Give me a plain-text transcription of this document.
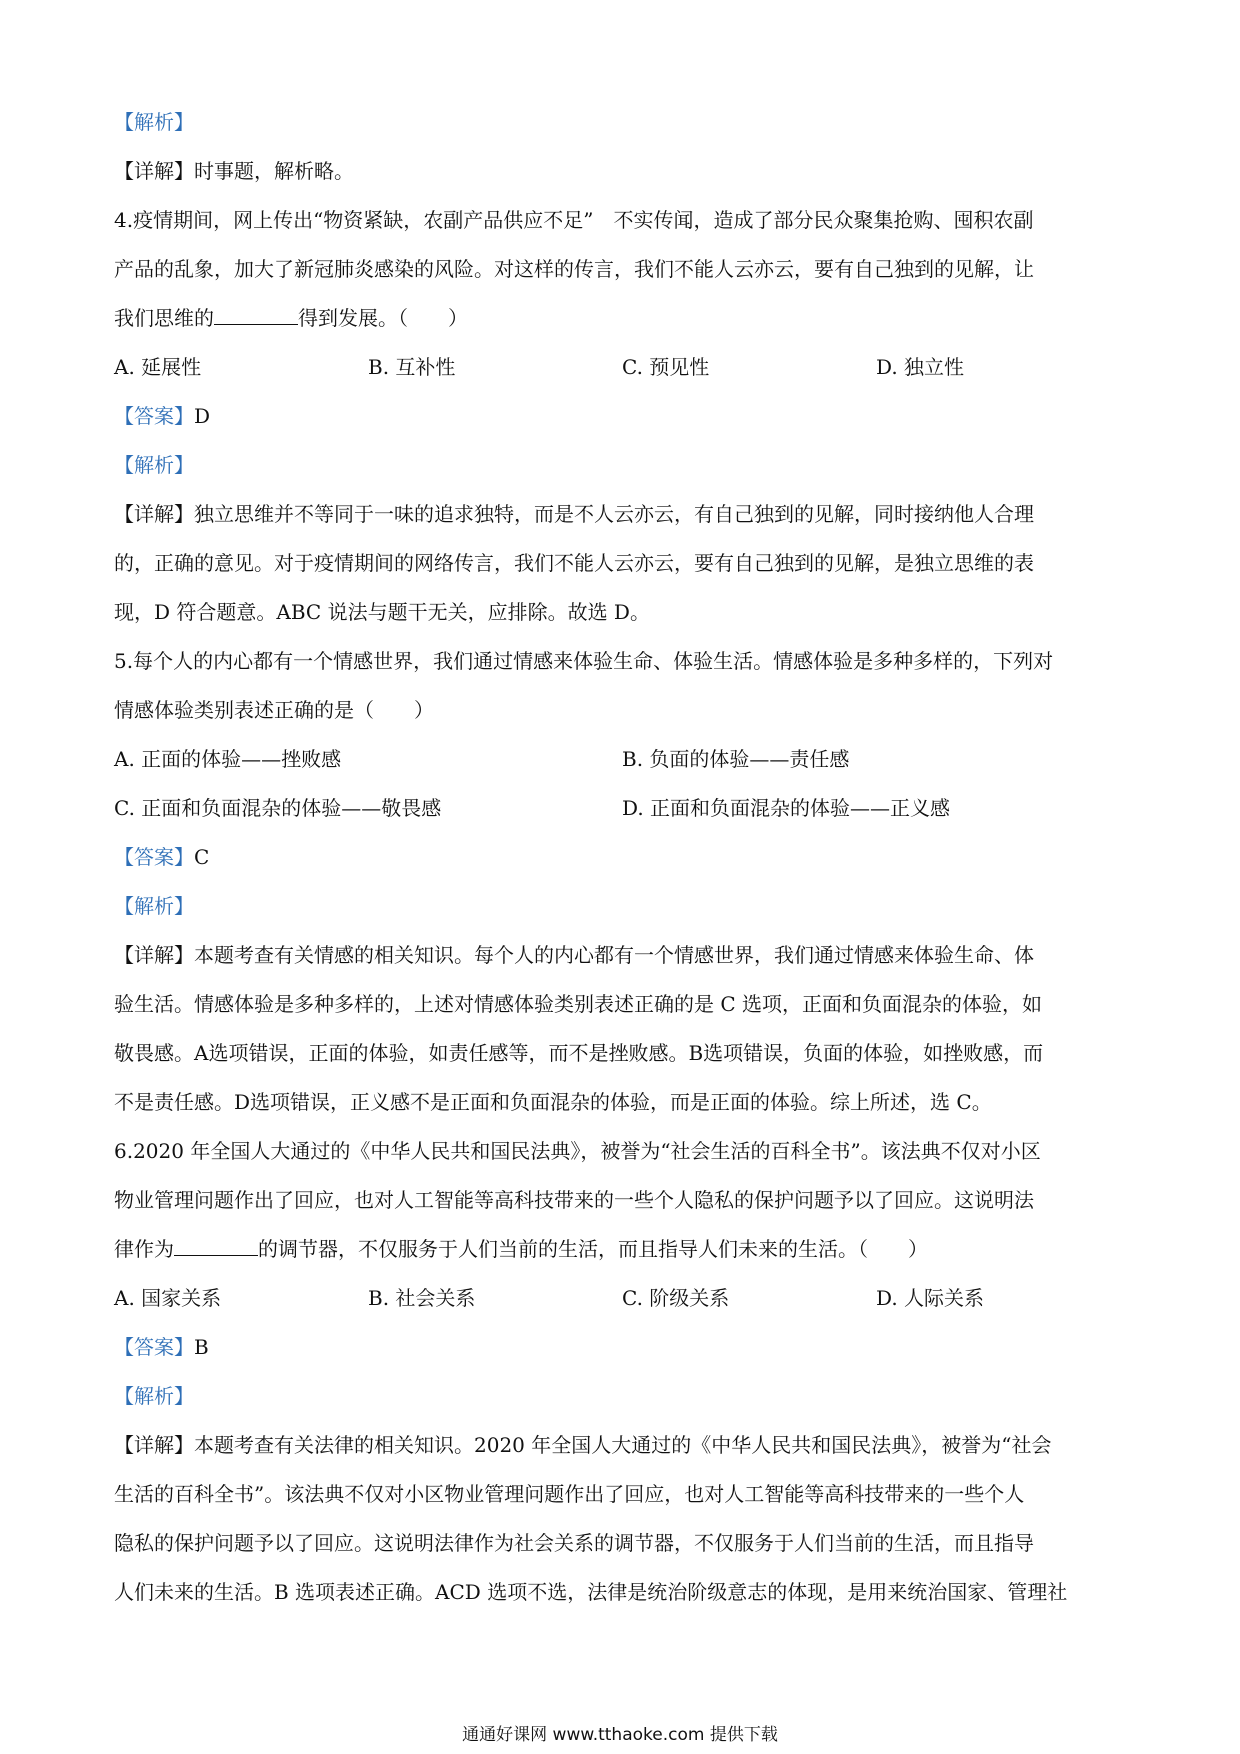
【解析】
【详解】时事题，解析略。
4.疫情期间，网上传出“物资紧缺，农副产品供应不足”　不实传闻，造成了部分民众聚集抢购、囤积农副
产品的乱象，加大了新冠肺炎感染的风险。对这样的传言，我们不能人云亦云，要有自己独到的见解，让
我们思维的	得到发展。（　　）
A. 延展性	B. 互补性	C. 预见性	D. 独立性
【答案】D
【解析】
【详解】独立思维并不等同于一味的追求独特，而是不人云亦云，有自己独到的见解，同时接纳他人合理
的，正确的意见。对于疫情期间的网络传言，我们不能人云亦云，要有自己独到的见解，是独立思维的表
现，D 符合题意。ABC 说法与题干无关，应排除。故选 D。
5.每个人的内心都有一个情感世界，我们通过情感来体验生命、体验生活。情感体验是多种多样的，下列对
情感体验类别表述正确的是（　　）
A. 正面的体验——挫败感	B. 负面的体验——责任感
C. 正面和负面混杂的体验——敬畏感	D. 正面和负面混杂的体验——正义感
【答案】C
【解析】
【详解】本题考查有关情感的相关知识。每个人的内心都有一个情感世界，我们通过情感来体验生命、体
验生活。情感体验是多种多样的，上述对情感体验类别表述正确的是 C 选项，正面和负面混杂的体验，如
敬畏感。A选项错误，正面的体验，如责任感等，而不是挫败感。B选项错误，负面的体验，如挫败感，而
不是责任感。D选项错误，正义感不是正面和负面混杂的体验，而是正面的体验。综上所述，选 C。
6.2020 年全国人大通过的《中华人民共和国民法典》，被誉为“社会生活的百科全书”。该法典不仅对小区
物业管理问题作出了回应，也对人工智能等高科技带来的一些个人隐私的保护问题予以了回应。这说明法
律作为	的调节器，不仅服务于人们当前的生活，而且指导人们未来的生活。（　　）
A. 国家关系	B. 社会关系	C. 阶级关系	D. 人际关系
【答案】B
【解析】
【详解】本题考查有关法律的相关知识。2020 年全国人大通过的《中华人民共和国民法典》，被誉为“社会
生活的百科全书”。该法典不仅对小区物业管理问题作出了回应，也对人工智能等高科技带来的一些个人
隐私的保护问题予以了回应。这说明法律作为社会关系的调节器，不仅服务于人们当前的生活，而且指导
人们未来的生活。B 选项表述正确。ACD 选项不选，法律是统治阶级意志的体现，是用来统治国家、管理社
通通好课网 www.tthaoke.com 提供下载
